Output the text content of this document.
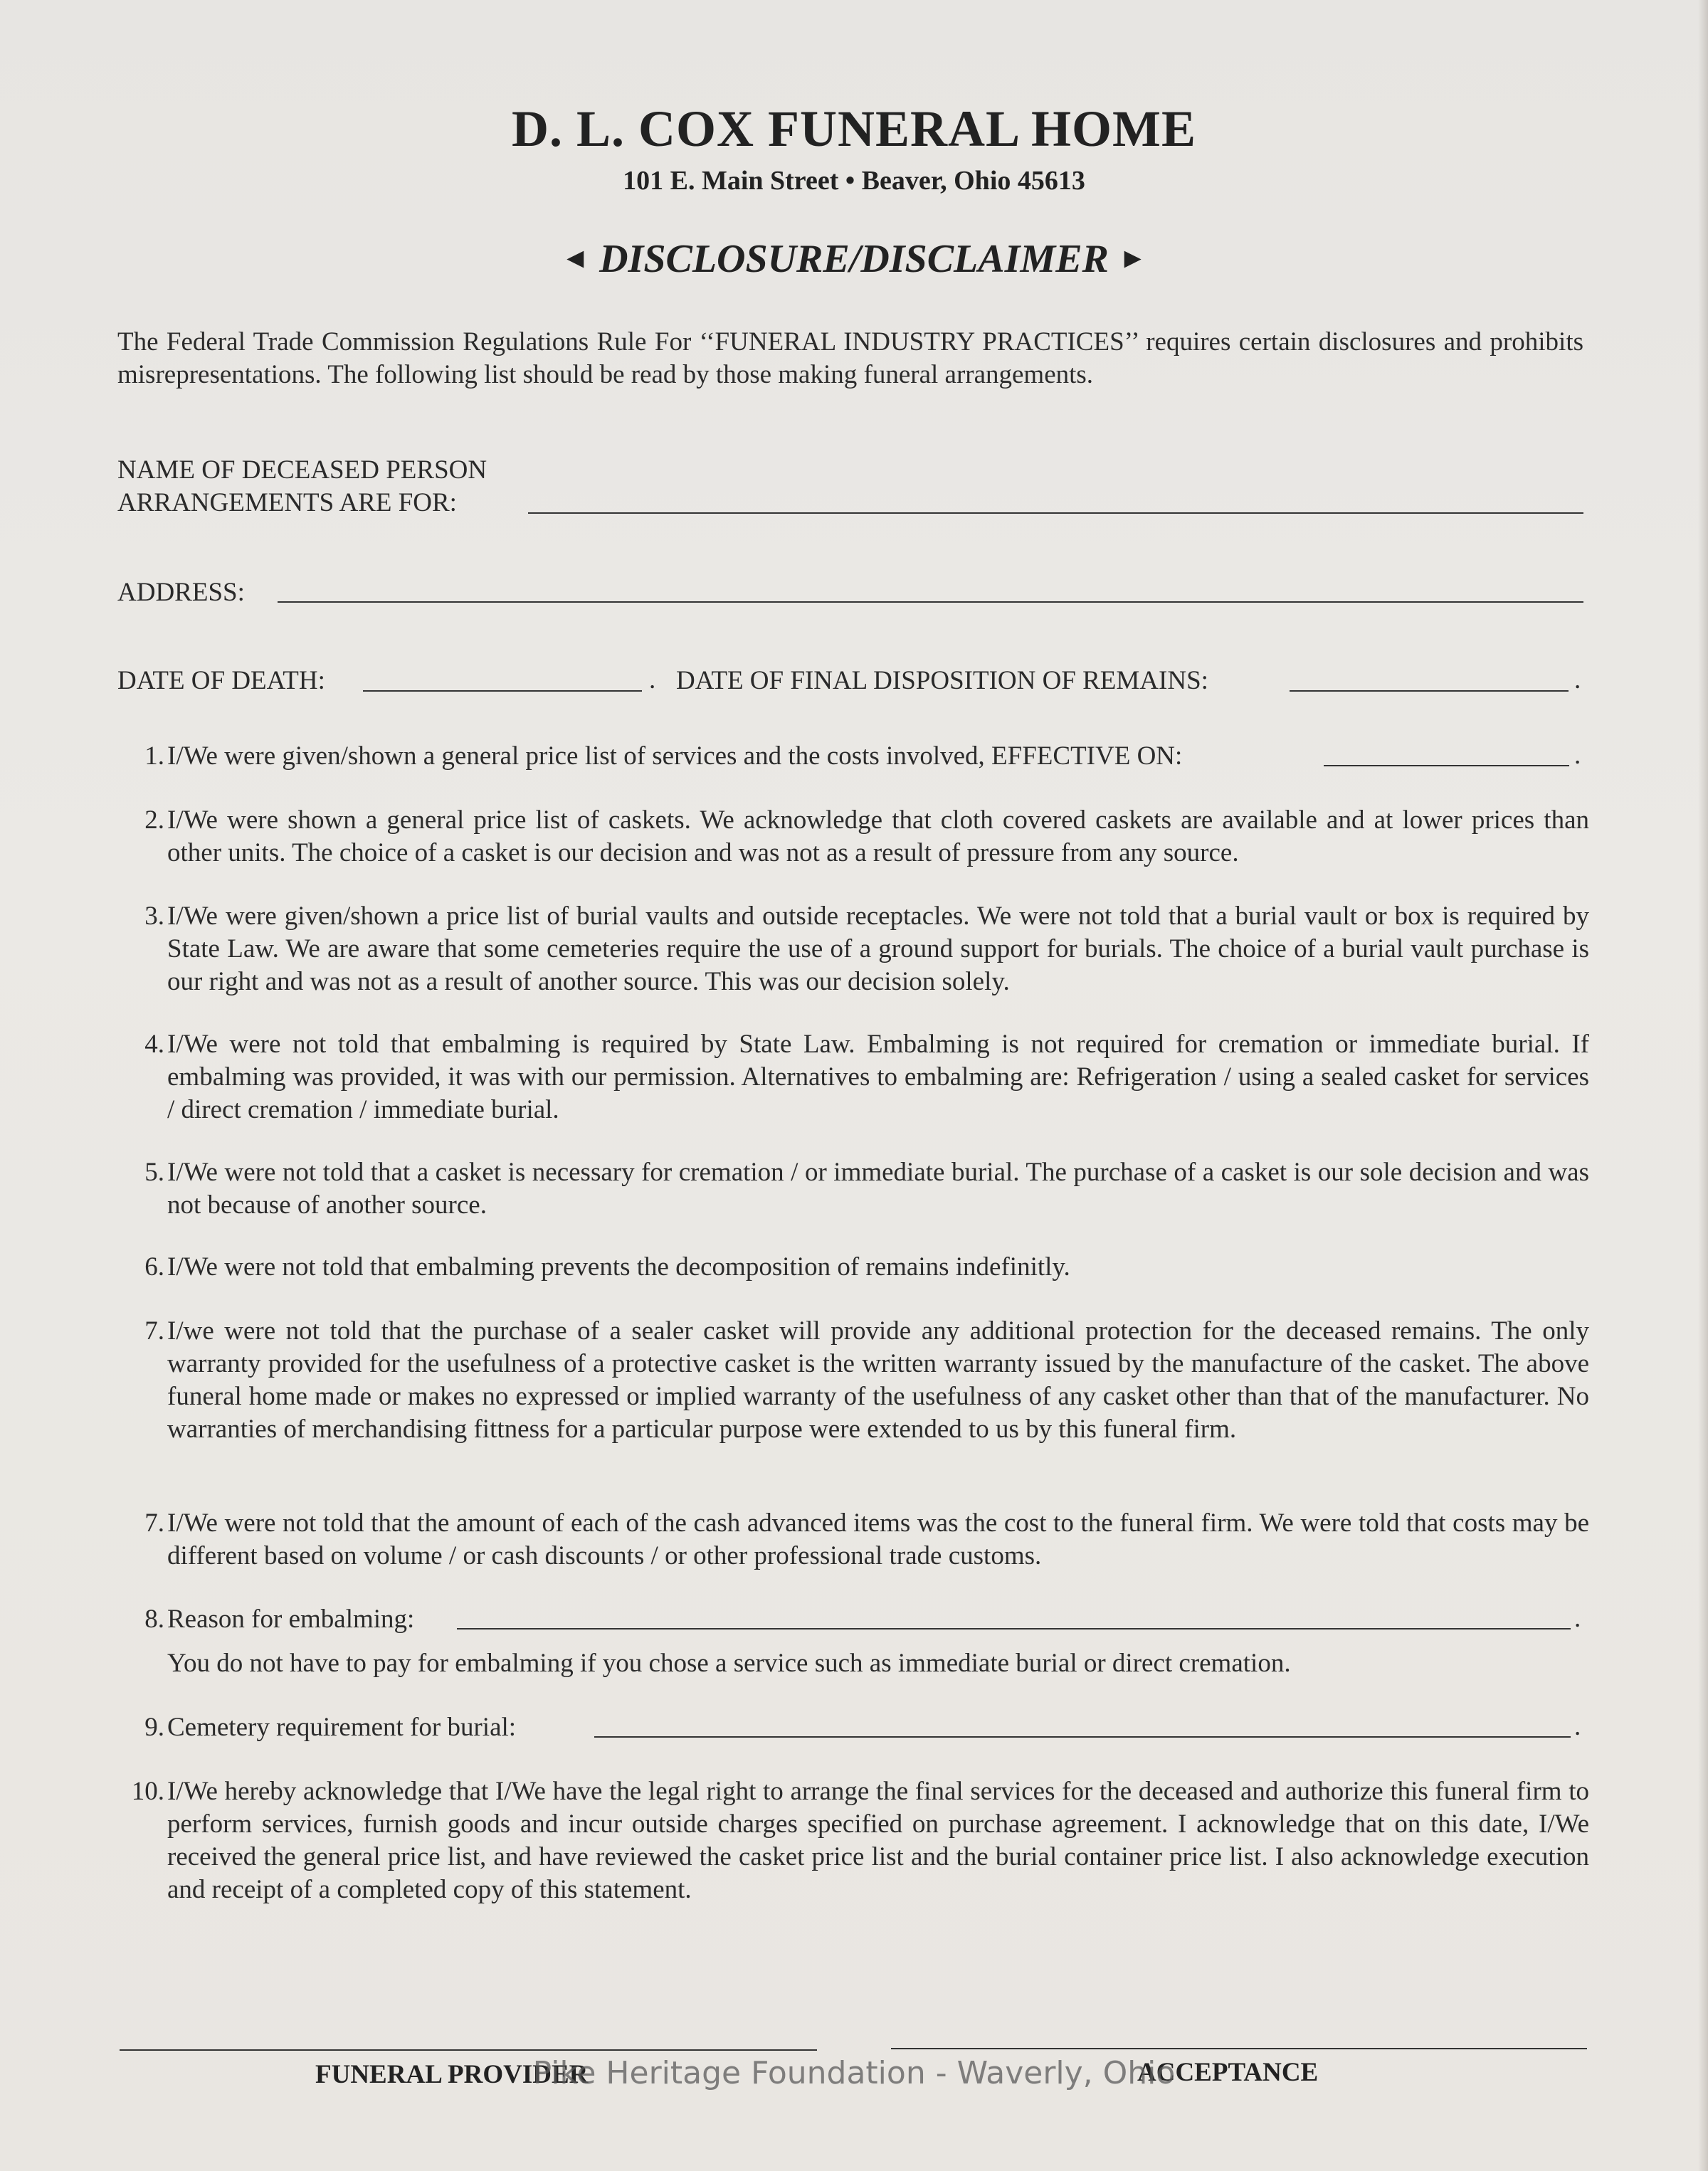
D. L. COX FUNERAL HOME
101 E. Main Street • Beaver, Ohio 45613
◄ DISCLOSURE/DISCLAIMER ►
The Federal Trade Commission Regulations Rule For ‘‘FUNERAL INDUSTRY PRACTICES’’ requires certain disclosures and prohibits misrepresentations. The following list should be read by those making funeral arrangements.
NAME OF DECEASED PERSON
ARRANGEMENTS ARE FOR:
ADDRESS:
DATE OF DEATH:	. DATE OF FINAL DISPOSITION OF REMAINS:	.
1. I/We were given/shown a general price list of services and the costs involved, EFFECTIVE ON:	.
2. I/We were shown a general price list of caskets. We acknowledge that cloth covered caskets are available and at lower prices than other units. The choice of a casket is our decision and was not as a result of pressure from any source.
3. I/We were given/shown a price list of burial vaults and outside receptacles. We were not told that a burial vault or box is required by State Law. We are aware that some cemeteries require the use of a ground support for burials. The choice of a burial vault purchase is our right and was not as a result of another source. This was our decision solely.
4. I/We were not told that embalming is required by State Law. Embalming is not required for cremation or immediate burial. If embalming was provided, it was with our permission. Alternatives to embalming are: Refrigeration / using a sealed casket for services / direct cremation / immediate burial.
5. I/We were not told that a casket is necessary for cremation / or immediate burial. The purchase of a casket is our sole decision and was not because of another source.
6. I/We were not told that embalming prevents the decomposition of remains indefinitly.
7. I/we were not told that the purchase of a sealer casket will provide any additional protection for the deceased remains. The only warranty provided for the usefulness of a protective casket is the written warranty issued by the manufacture of the casket. The above funeral home made or makes no expressed or implied warranty of the usefulness of any casket other than that of the manufacturer. No warranties of merchandising fittness for a particular purpose were extended to us by this funeral firm.
7. I/We were not told that the amount of each of the cash advanced items was the cost to the funeral firm. We were told that costs may be different based on volume / or cash discounts / or other professional trade customs.
8. Reason for embalming:	.
You do not have to pay for embalming if you chose a service such as immediate burial or direct cremation.
9. Cemetery requirement for burial:	.
10. I/We hereby acknowledge that I/We have the legal right to arrange the final services for the deceased and authorize this funeral firm to perform services, furnish goods and incur outside charges specified on purchase agreement. I acknowledge that on this date, I/We received the general price list, and have reviewed the casket price list and the burial container price list. I also acknowledge execution and receipt of a completed copy of this statement.
FUNERAL PROVIDER	ACCEPTANCE
Pike Heritage Foundation - Waverly, Ohio
